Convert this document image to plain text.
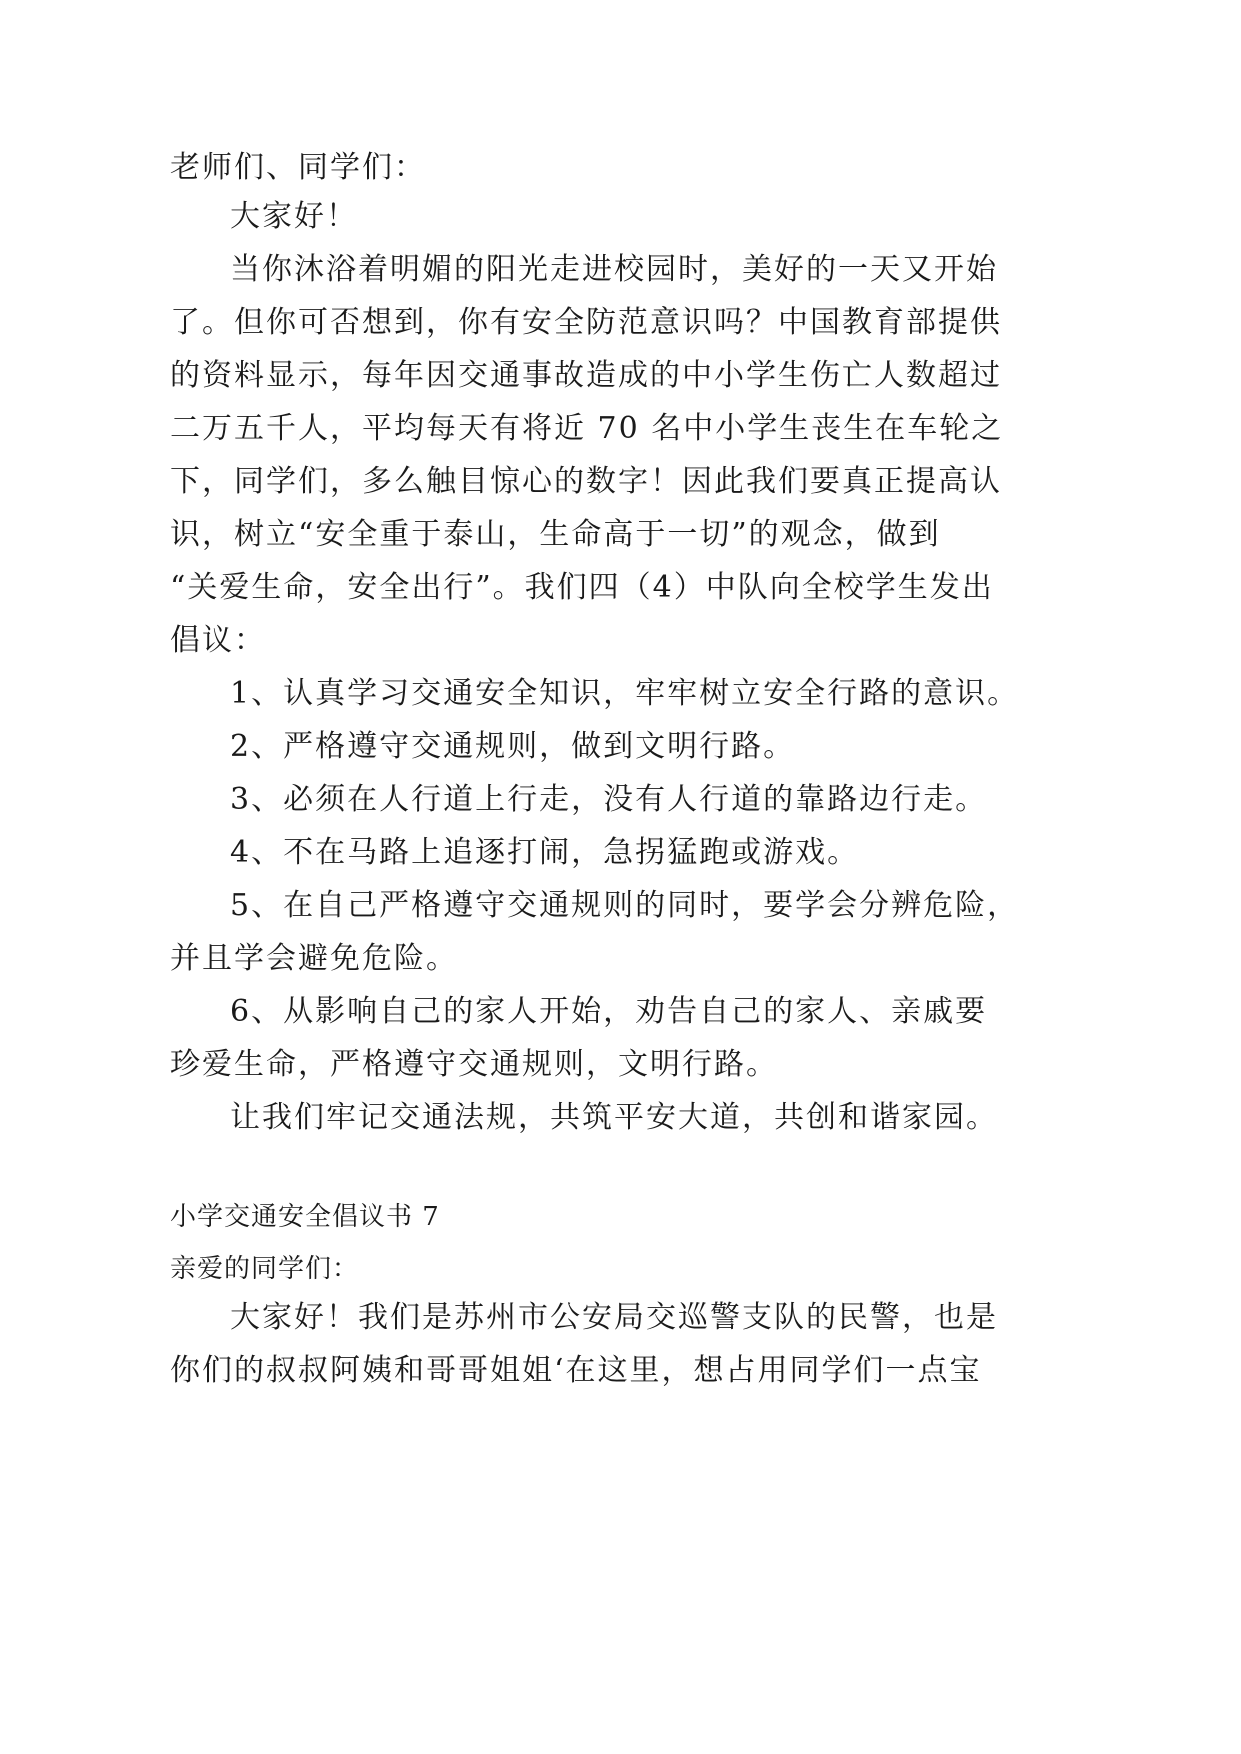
老师们、同学们：
大家好！
当你沐浴着明媚的阳光走进校园时，美好的一天又开始
了。但你可否想到，你有安全防范意识吗？中国教育部提供
的资料显示，每年因交通事故造成的中小学生伤亡人数超过
二万五千人，平均每天有将近 70 名中小学生丧生在车轮之
下，同学们，多么触目惊心的数字！因此我们要真正提高认
识，树立“安全重于泰山，生命高于一切”的观念，做到
“关爱生命，安全出行”。我们四（4）中队向全校学生发出
倡议：
1、认真学习交通安全知识，牢牢树立安全行路的意识。
2、严格遵守交通规则，做到文明行路。
3、必须在人行道上行走，没有人行道的靠路边行走。
4、不在马路上追逐打闹，急拐猛跑或游戏。
5、在自己严格遵守交通规则的同时，要学会分辨危险，
并且学会避免危险。
6、从影响自己的家人开始，劝告自己的家人、亲戚要
珍爱生命，严格遵守交通规则，文明行路。
让我们牢记交通法规，共筑平安大道，共创和谐家园。
小学交通安全倡议书 7
亲爱的同学们：
大家好！我们是苏州市公安局交巡警支队的民警，也是
你们的叔叔阿姨和哥哥姐姐‘在这里，想占用同学们一点宝
